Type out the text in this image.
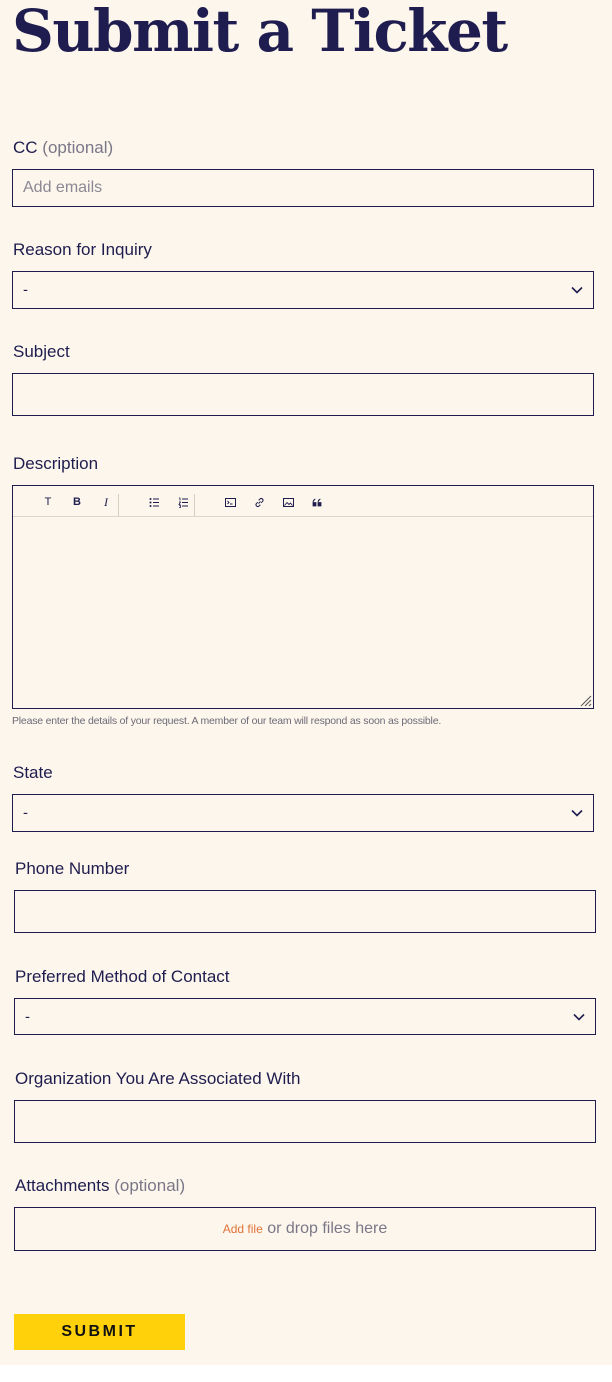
Submit a Ticket
CC (optional)
Add emails
Reason for Inquiry
-
Subject
Description
T	B	I
Please enter the details of your request. A member of our team will respond as soon as possible.
State
-
Phone Number
Preferred Method of Contact
-
Organization You Are Associated With
Attachments (optional)
Add file or drop files here
SUBMIT
